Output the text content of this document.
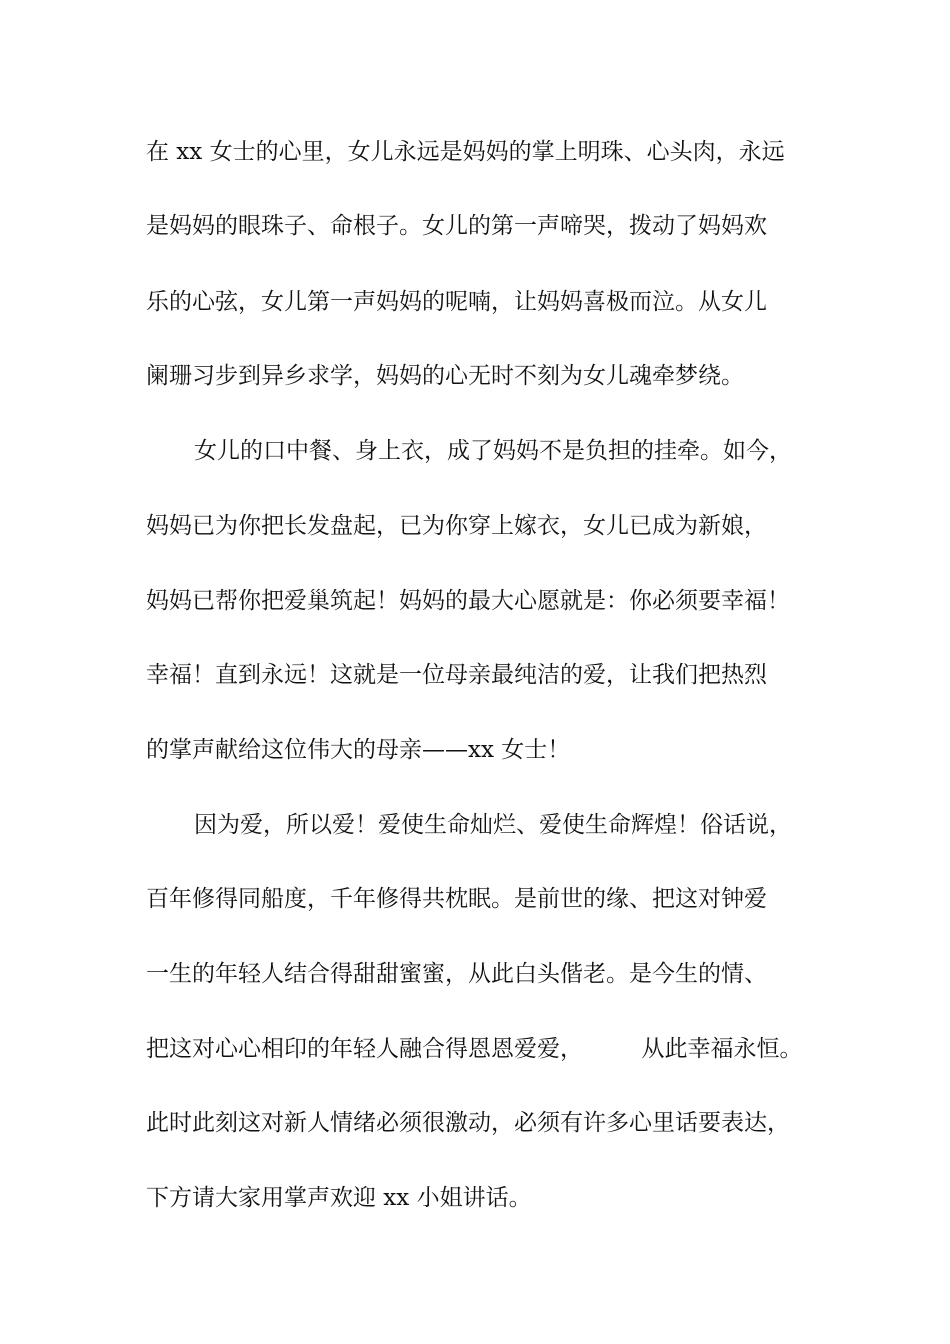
在 xx 女士的心里，女儿永远是妈妈的掌上明珠、心头肉，永远
是妈妈的眼珠子、命根子。女儿的第一声啼哭，拨动了妈妈欢
乐的心弦，女儿第一声妈妈的呢喃，让妈妈喜极而泣。从女儿
阑珊习步到异乡求学，妈妈的心无时不刻为女儿魂牵梦绕。
女儿的口中餐、身上衣，成了妈妈不是负担的挂牵。如今，
妈妈已为你把长发盘起，已为你穿上嫁衣，女儿已成为新娘，
妈妈已帮你把爱巢筑起！妈妈的最大心愿就是：你必须要幸福！
幸福！直到永远！这就是一位母亲最纯洁的爱，让我们把热烈
的掌声献给这位伟大的母亲——xx 女士！
因为爱，所以爱！爱使生命灿烂、爱使生命辉煌！俗话说，
百年修得同船度，千年修得共枕眠。是前世的缘、把这对钟爱
一生的年轻人结合得甜甜蜜蜜，从此白头偕老。是今生的情、
把这对心心相印的年轻人融合得恩恩爱爱，        从此幸福永恒。
此时此刻这对新人情绪必须很激动，必须有许多心里话要表达，
下方请大家用掌声欢迎 xx 小姐讲话。
